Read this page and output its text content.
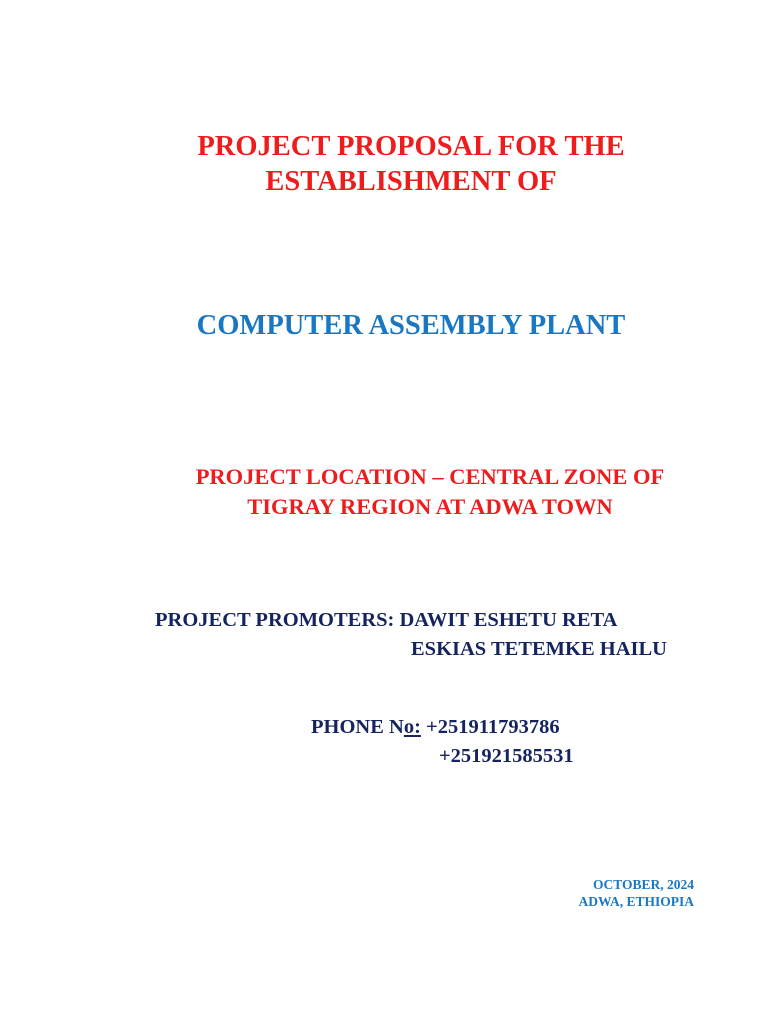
PROJECT PROPOSAL FOR THE
ESTABLISHMENT OF
COMPUTER ASSEMBLY PLANT
PROJECT LOCATION – CENTRAL ZONE OF
TIGRAY REGION AT ADWA TOWN
PROJECT PROMOTERS: DAWIT ESHETU RETA
ESKIAS TETEMKE HAILU
PHONE No: +251911793786
+251921585531
OCTOBER, 2024
ADWA, ETHIOPIA
